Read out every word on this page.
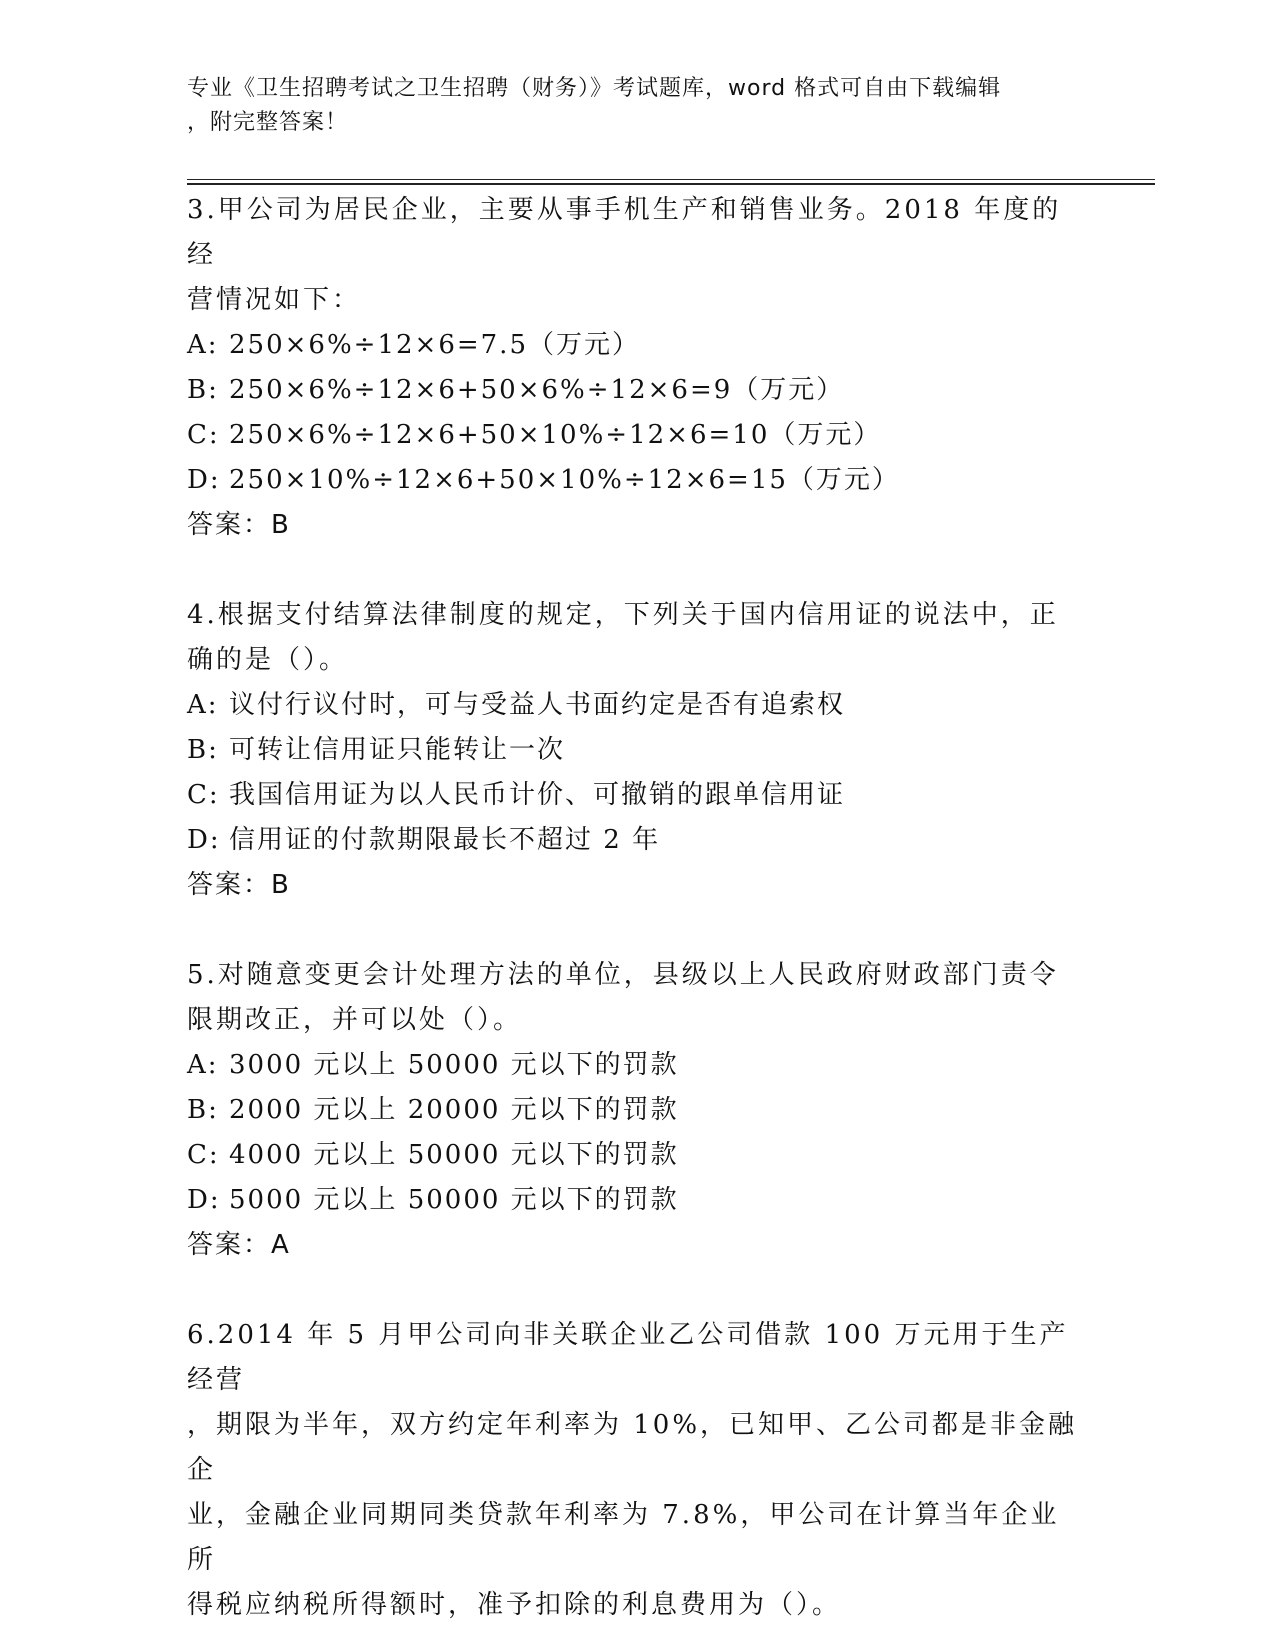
专业《卫生招聘考试之卫生招聘（财务）》考试题库，word 格式可自由下载编辑
，附完整答案！

3.甲公司为居民企业，主要从事手机生产和销售业务。2018 年度的经

营情况如下：

A: 250×6%÷12×6=7.5（万元）

B: 250×6%÷12×6+50×6%÷12×6=9（万元）

C: 250×6%÷12×6+50×10%÷12×6=10（万元）

D: 250×10%÷12×6+50×10%÷12×6=15（万元）

答案：B

4.根据支付结算法律制度的规定，下列关于国内信用证的说法中，正

确的是（）。

A: 议付行议付时，可与受益人书面约定是否有追索权

B: 可转让信用证只能转让一次

C: 我国信用证为以人民币计价、可撤销的跟单信用证

D: 信用证的付款期限最长不超过 2 年

答案：B

5.对随意变更会计处理方法的单位，县级以上人民政府财政部门责令

限期改正，并可以处（）。

A: 3000 元以上 50000 元以下的罚款

B: 2000 元以上 20000 元以下的罚款

C: 4000 元以上 50000 元以下的罚款

D: 5000 元以上 50000 元以下的罚款

答案：A

6.2014 年 5 月甲公司向非关联企业乙公司借款 100 万元用于生产经营

，期限为半年，双方约定年利率为 10%，已知甲、乙公司都是非金融企

业，金融企业同期同类贷款年利率为 7.8%，甲公司在计算当年企业所

得税应纳税所得额时，准予扣除的利息费用为（）。
